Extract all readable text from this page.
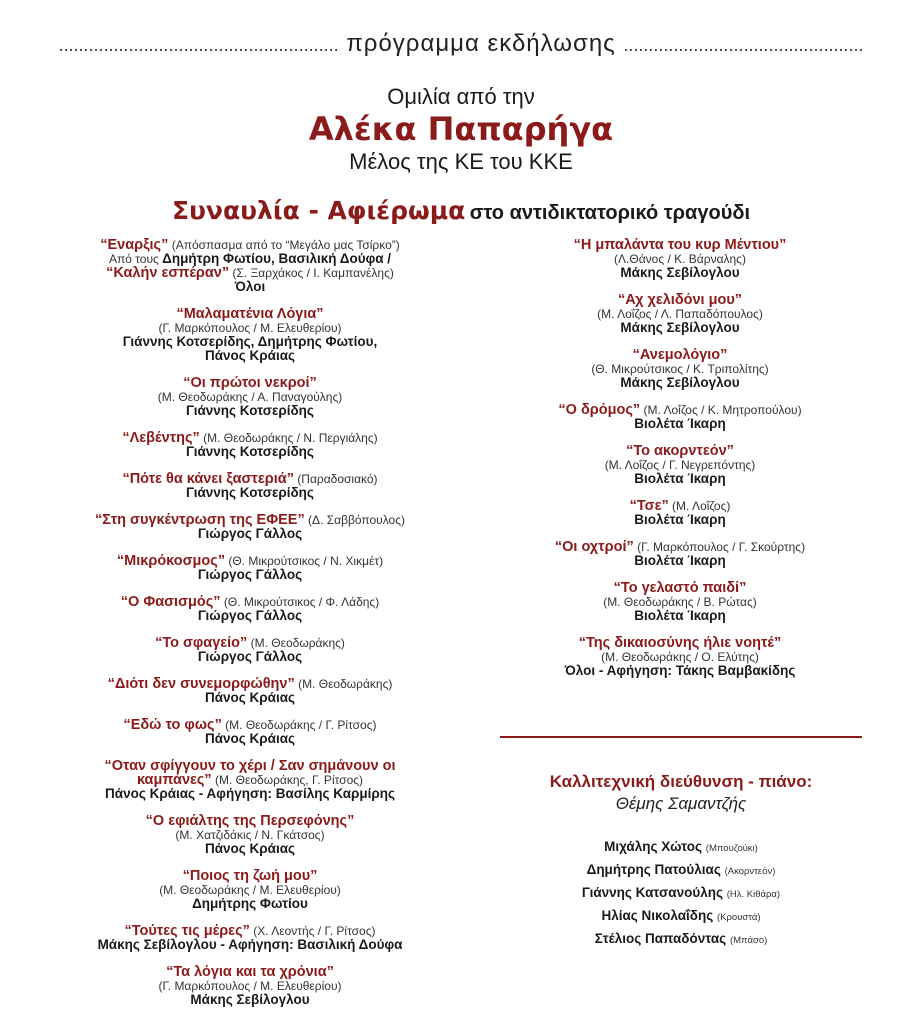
........................................................ πρόγραμμα εκδήλωσης ................................................
Ομιλία από την
Αλέκα Παπαρήγα
Μέλος της ΚΕ του ΚΚΕ
Συναυλία - Αφιέρωμα στο αντιδικτατορικό τραγούδι
“Εναρξις” (Απόσπασμα από το “Μεγάλο μας Τσίρκο”)
Από τους Δημήτρη Φωτίου, Βασιλική Δούφα /
“Καλήν εσπέραν” (Σ. Ξαρχάκος / Ι. Καμπανέλης)
Όλοι
“Μαλαματένια Λόγια”
(Γ. Μαρκόπουλος / Μ. Ελευθερίου)
Γιάννης Κοτσερίδης, Δημήτρης Φωτίου,
Πάνος Κράιας
“Οι πρώτοι νεκροί”
(Μ. Θεοδωράκης / Α. Παναγούλης)
Γιάννης Κοτσερίδης
“Λεβέντης” (Μ. Θεοδωράκης / Ν. Περγιάλης)
Γιάννης Κοτσερίδης
“Πότε θα κάνει ξαστεριά” (Παραδοσιακό)
Γιάννης Κοτσερίδης
“Στη συγκέντρωση της ΕΦΕΕ” (Δ. Σαββόπουλος)
Γιώργος Γάλλος
“Μικρόκοσμος” (Θ. Μικρούτσικος / Ν. Χικμέτ)
Γιώργος Γάλλος
“Ο Φασισμός” (Θ. Μικρούτσικος / Φ. Λάδης)
Γιώργος Γάλλος
“Το σφαγείο” (Μ. Θεοδωράκης)
Γιώργος Γάλλος
“Διότι δεν συνεμορφώθην” (Μ. Θεοδωράκης)
Πάνος Κράιας
“Εδώ το φως” (Μ. Θεοδωράκης / Γ. Ρίτσος)
Πάνος Κράιας
“Οταν σφίγγουν το χέρι / Σαν σημάνουν οι
καμπάνες” (Μ. Θεοδωράκης, Γ. Ρίτσος)
Πάνος Κράιας - Αφήγηση: Βασίλης Καρμίρης
“Ο εφιάλτης της Περσεφόνης”
(Μ. Χατζιδάκις / Ν. Γκάτσος)
Πάνος Κράιας
“Ποιος τη ζωή μου”
(Μ. Θεοδωράκης / Μ. Ελευθερίου)
Δημήτρης Φωτίου
“Τούτες τις μέρες” (Χ. Λεοντής / Γ. Ρίτσος)
Μάκης Σεβίλογλου - Αφήγηση: Βασιλική Δούφα
“Τα λόγια και τα χρόνια”
(Γ. Μαρκόπουλος / Μ. Ελευθερίου)
Μάκης Σεβίλογλου
“Η μπαλάντα του κυρ Μέντιου”
(Λ.Θάνος / Κ. Βάρναλης)
Μάκης Σεβίλογλου
“Αχ χελιδόνι μου”
(Μ. Λοΐζος / Λ. Παπαδόπουλος)
Μάκης Σεβίλογλου
“Ανεμολόγιο”
(Θ. Μικρούτσικος / Κ. Τριπολίτης)
Μάκης Σεβίλογλου
“Ο δρόμος” (Μ. Λοΐζος / Κ. Μητροπούλου)
Βιολέτα Ίκαρη
“Το ακορντεόν”
(Μ. Λοΐζος / Γ. Νεγρεπόντης)
Βιολέτα Ίκαρη
“Τσε” (Μ. Λοΐζος)
Βιολέτα Ίκαρη
“Οι οχτροί” (Γ. Μαρκόπουλος / Γ. Σκούρτης)
Βιολέτα Ίκαρη
“Το γελαστό παιδί”
(Μ. Θεοδωράκης / Β. Ρώτας)
Βιολέτα Ίκαρη
“Της δικαιοσύνης ήλιε νοητέ”
(Μ. Θεοδωράκης / Ο. Ελύτης)
Όλοι - Αφήγηση: Τάκης Βαμβακίδης
Καλλιτεχνική διεύθυνση - πιάνο:
Θέμης Σαμαντζής
Μιχάλης Χώτος (Μπουζούκι)
Δημήτρης Πατούλιας (Ακορντεόν)
Γιάννης Κατσανούλης (Ηλ. Κιθάρα)
Ηλίας Νικολαΐδης (Κρουστά)
Στέλιος Παπαδόντας (Μπάσο)
